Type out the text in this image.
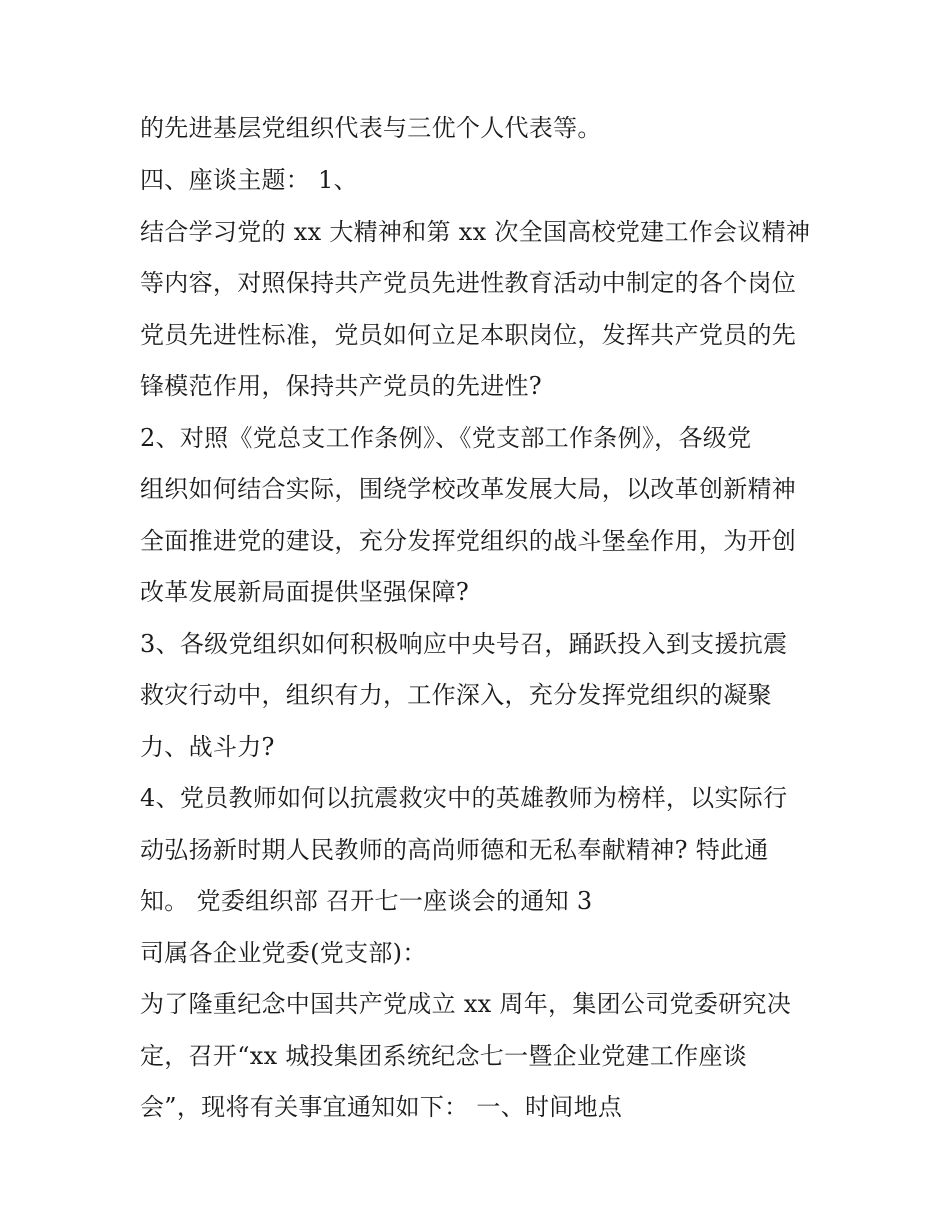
的先进基层党组织代表与三优个人代表等。
四、座谈主题： 1、
结合学习党的 xx 大精神和第 xx 次全国高校党建工作会议精神
等内容，对照保持共产党员先进性教育活动中制定的各个岗位
党员先进性标准，党员如何立足本职岗位，发挥共产党员的先
锋模范作用，保持共产党员的先进性?
2、对照《党总支工作条例》、《党支部工作条例》，各级党
组织如何结合实际，围绕学校改革发展大局，以改革创新精神
全面推进党的建设，充分发挥党组织的战斗堡垒作用，为开创
改革发展新局面提供坚强保障?
3、各级党组织如何积极响应中央号召，踊跃投入到支援抗震
救灾行动中，组织有力，工作深入，充分发挥党组织的凝聚
力、战斗力?
4、党员教师如何以抗震救灾中的英雄教师为榜样，以实际行
动弘扬新时期人民教师的高尚师德和无私奉献精神? 特此通
知。 党委组织部 召开七一座谈会的通知 3
司属各企业党委(党支部)：
为了隆重纪念中国共产党成立 xx 周年，集团公司党委研究决
定，召开“xx 城投集团系统纪念七一暨企业党建工作座谈
会”，现将有关事宜通知如下： 一、时间地点
